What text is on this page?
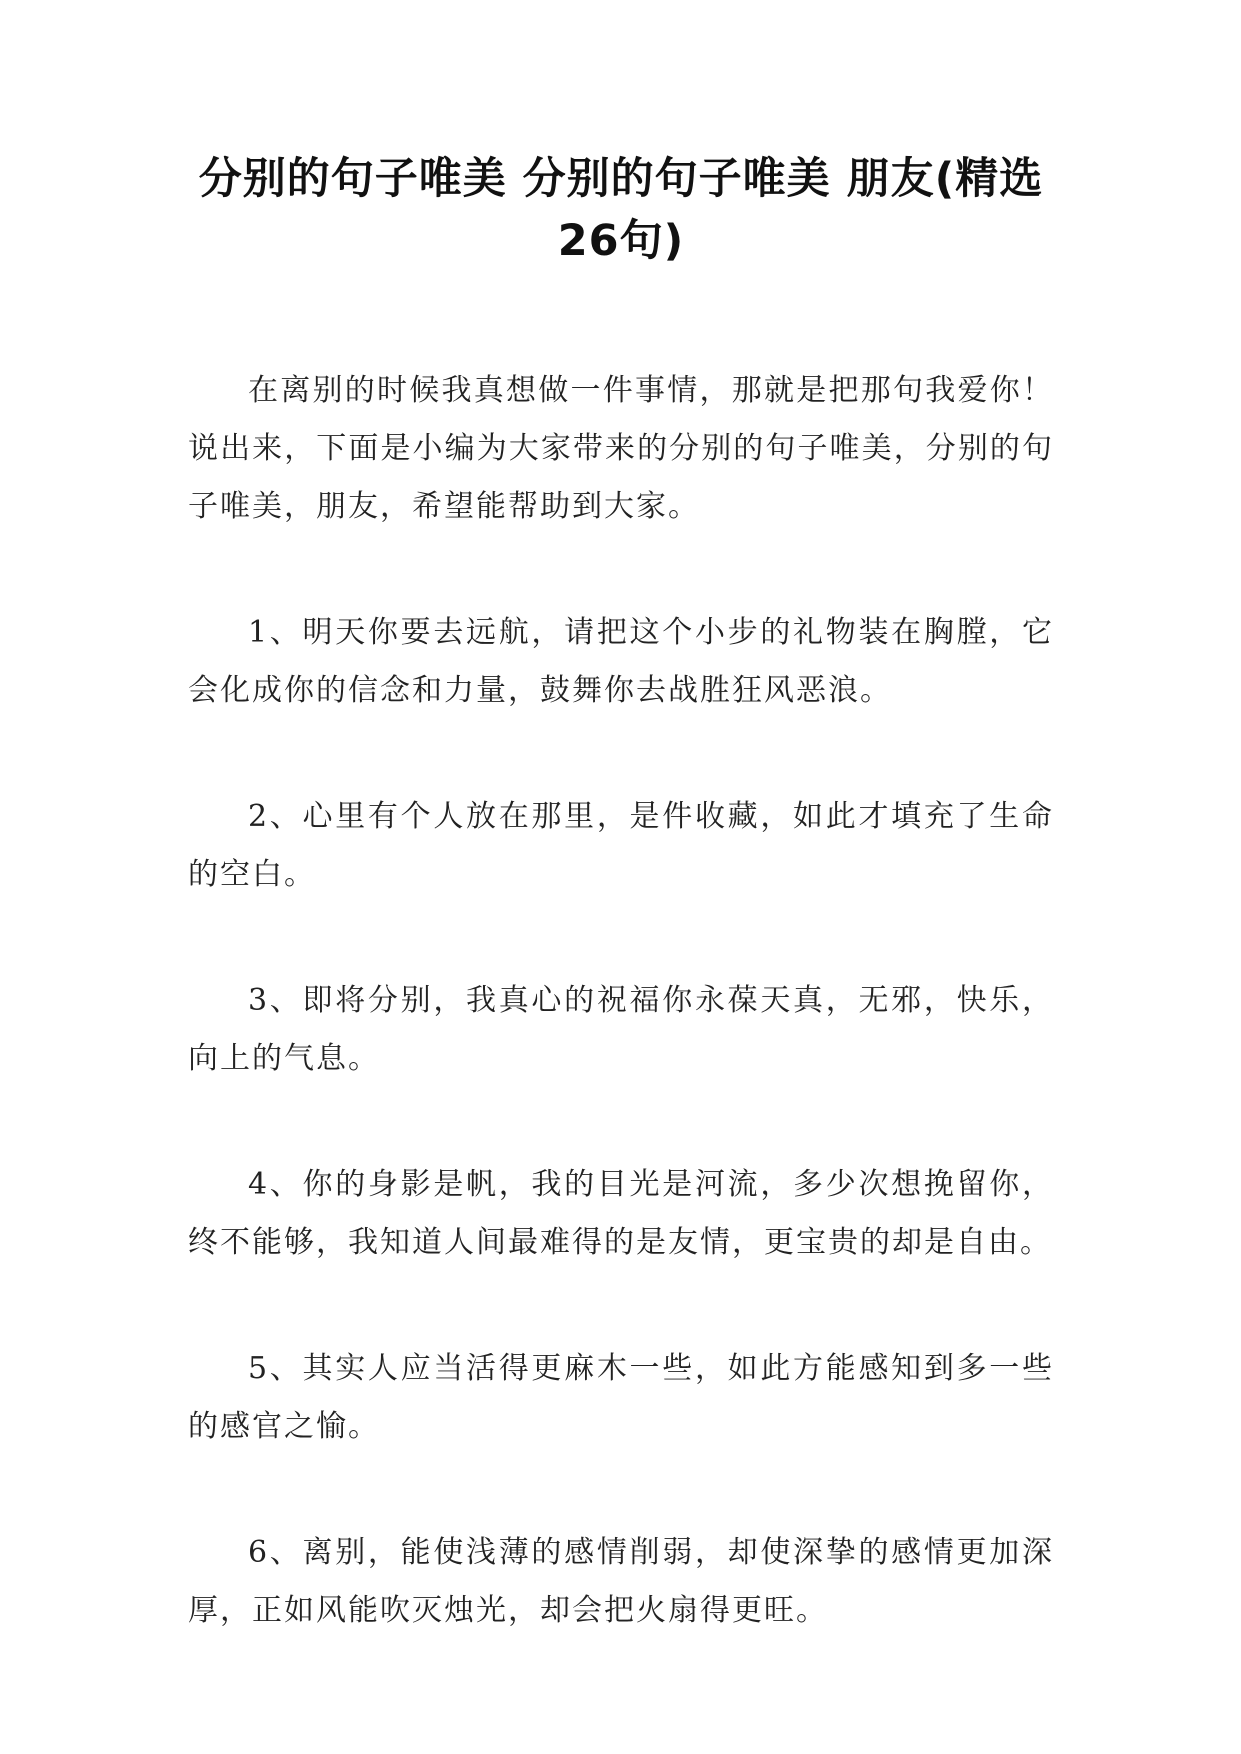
分别的句子唯美 分别的句子唯美 朋友(精选26句)

在离别的时候我真想做一件事情，那就是把那句我爱你！说出来，下面是小编为大家带来的分别的句子唯美，分别的句子唯美，朋友，希望能帮助到大家。

1、明天你要去远航，请把这个小步的礼物装在胸膛，它会化成你的信念和力量，鼓舞你去战胜狂风恶浪。

2、心里有个人放在那里，是件收藏，如此才填充了生命的空白。

3、即将分别，我真心的祝福你永葆天真，无邪，快乐，向上的气息。

4、你的身影是帆，我的目光是河流，多少次想挽留你，终不能够，我知道人间最难得的是友情，更宝贵的却是自由。

5、其实人应当活得更麻木一些，如此方能感知到多一些的感官之愉。

6、离别，能使浅薄的感情削弱，却使深挚的感情更加深厚，正如风能吹灭烛光，却会把火扇得更旺。
